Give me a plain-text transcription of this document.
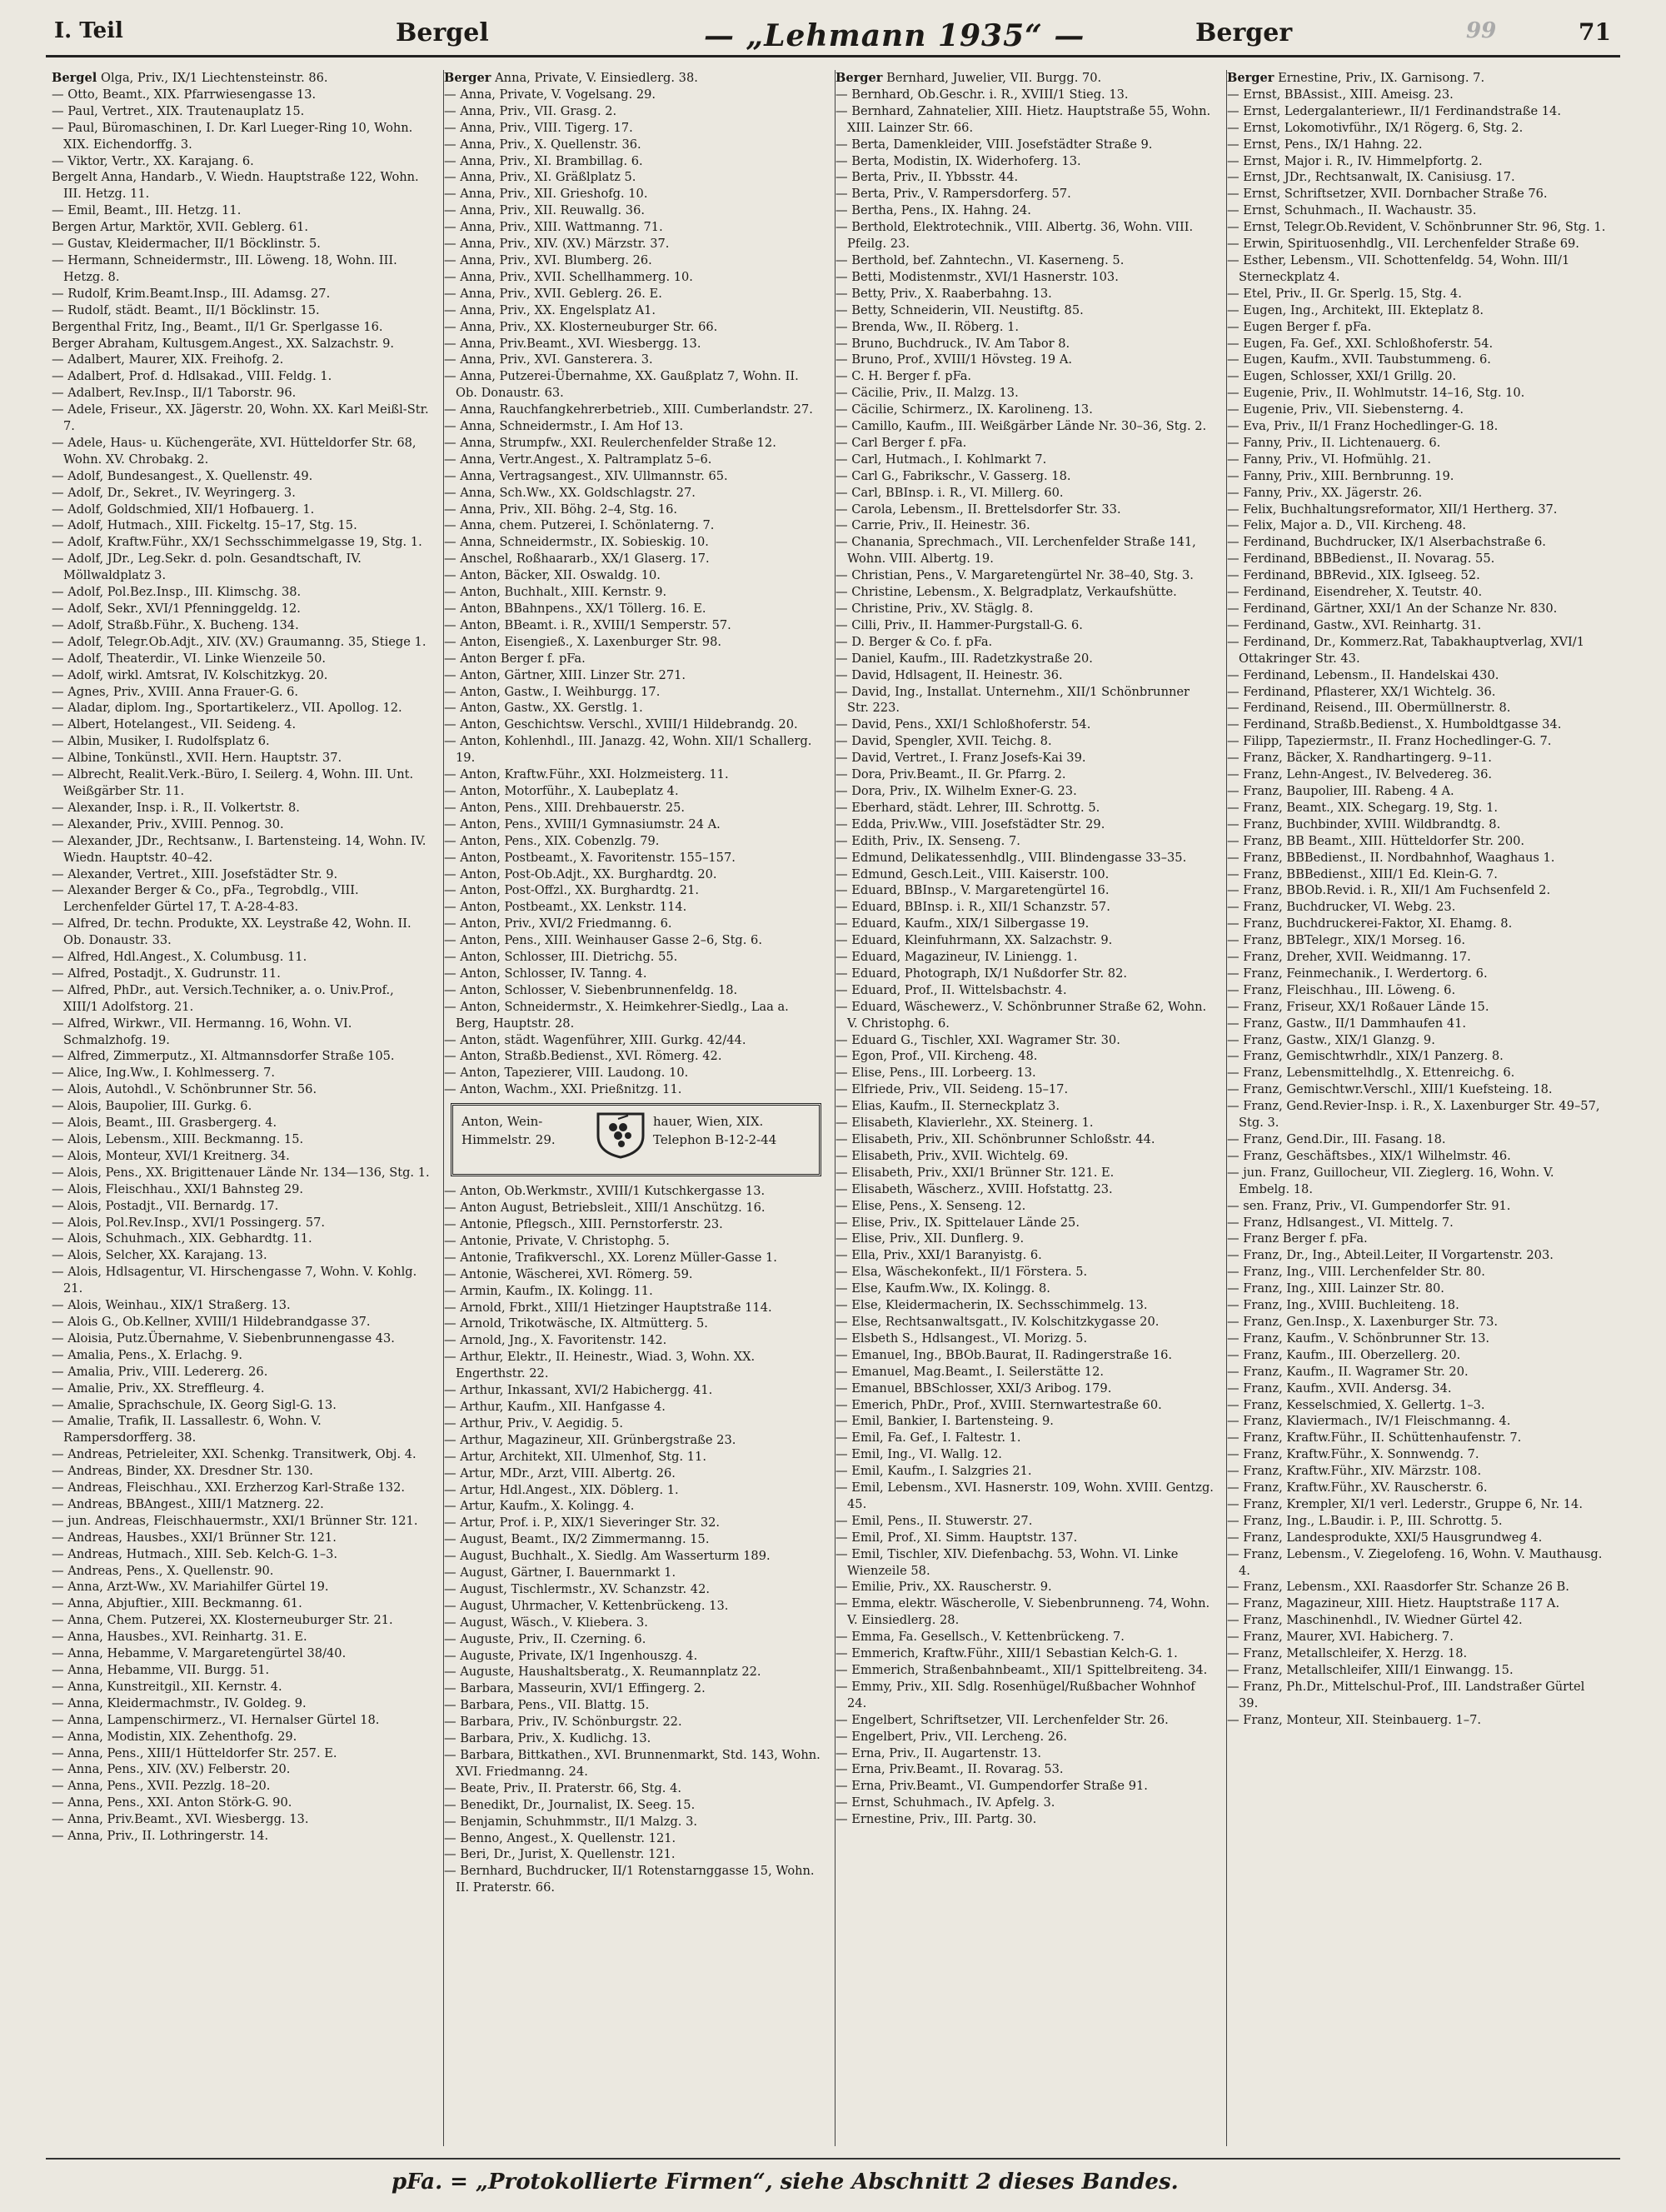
I. Teil	Bergel	— „Lehmann 1935“ —	Berger	99	71

Bergel Olga, Priv., IX/1 Liechtensteinstr. 86.

— Otto, Beamt., XIX. Pfarrwiesengasse 13.

— Paul, Vertret., XIX. Trautenauplatz 15.

— Paul, Büromaschinen, I. Dr. Karl Lueger-Ring 10, Wohn. XIX. Eichendorffg. 3.

— Viktor, Vertr., XX. Karajang. 6.

Bergelt Anna, Handarb., V. Wiedn. Hauptstraße 122, Wohn. III. Hetzg. 11.

— Emil, Beamt., III. Hetzg. 11.

Bergen Artur, Marktör, XVII. Geblerg. 61.

— Gustav, Kleidermacher, II/1 Böcklinstr. 5.

— Hermann, Schneidermstr., III. Löweng. 18, Wohn. III. Hetzg. 8.

— Rudolf, Krim.Beamt.Insp., III. Adamsg. 27.

— Rudolf, städt. Beamt., II/1 Böcklinstr. 15.

Bergenthal Fritz, Ing., Beamt., II/1 Gr. Sperlgasse 16.

Berger Abraham, Kultusgem.Angest., XX. Salzachstr. 9.

— Adalbert, Maurer, XIX. Freihofg. 2.

— Adalbert, Prof. d. Hdlsakad., VIII. Feldg. 1.

— Adalbert, Rev.Insp., II/1 Taborstr. 96.

— Adele, Friseur., XX. Jägerstr. 20, Wohn. XX. Karl Meißl-Str. 7.

— Adele, Haus- u. Küchengeräte, XVI. Hütteldorfer Str. 68, Wohn. XV. Chrobakg. 2.

— Adolf, Bundesangest., X. Quellenstr. 49.

— Adolf, Dr., Sekret., IV. Weyringerg. 3.

— Adolf, Goldschmied, XII/1 Hofbauerg. 1.

— Adolf, Hutmach., XIII. Fickeltg. 15–17, Stg. 15.

— Adolf, Kraftw.Führ., XX/1 Sechsschimmelgasse 19, Stg. 1.

— Adolf, JDr., Leg.Sekr. d. poln. Gesandtschaft, IV. Möllwaldplatz 3.

— Adolf, Pol.Bez.Insp., III. Klimschg. 38.

— Adolf, Sekr., XVI/1 Pfenninggeldg. 12.

— Adolf, Straßb.Führ., X. Bucheng. 134.

— Adolf, Telegr.Ob.Adjt., XIV. (XV.) Graumanng. 35, Stiege 1.

— Adolf, Theaterdir., VI. Linke Wienzeile 50.

— Adolf, wirkl. Amtsrat, IV. Kolschitzkyg. 20.

— Agnes, Priv., XVIII. Anna Frauer-G. 6.

— Aladar, diplom. Ing., Sportartikelerz., VII. Apollog. 12.

— Albert, Hotelangest., VII. Seideng. 4.

— Albin, Musiker, I. Rudolfsplatz 6.

— Albine, Tonkünstl., XVII. Hern. Hauptstr. 37.

— Albrecht, Realit.Verk.-Büro, I. Seilerg. 4, Wohn. III. Unt. Weißgärber Str. 11.

— Alexander, Insp. i. R., II. Volkertstr. 8.

— Alexander, Priv., XVIII. Pennog. 30.

— Alexander, JDr., Rechtsanw., I. Bartensteing. 14, Wohn. IV. Wiedn. Hauptstr. 40–42.

— Alexander, Vertret., XIII. Josefstädter Str. 9.

— Alexander Berger & Co., pFa., Tegrobdlg., VIII. Lerchenfelder Gürtel 17, T. A-28-4-83.

— Alfred, Dr. techn. Produkte, XX. Leystraße 42, Wohn. II. Ob. Donaustr. 33.

— Alfred, Hdl.Angest., X. Columbusg. 11.

— Alfred, Postadjt., X. Gudrunstr. 11.

— Alfred, PhDr., aut. Versich.Techniker, a. o. Univ.Prof., XIII/1 Adolfstorg. 21.

— Alfred, Wirkwr., VII. Hermanng. 16, Wohn. VI. Schmalzhofg. 19.

— Alfred, Zimmerputz., XI. Altmannsdorfer Straße 105.

— Alice, Ing.Ww., I. Kohlmesserg. 7.

— Alois, Autohdl., V. Schönbrunner Str. 56.

— Alois, Baupolier, III. Gurkg. 6.

— Alois, Beamt., III. Grasbergerg. 4.

— Alois, Lebensm., XIII. Beckmanng. 15.

— Alois, Monteur, XVI/1 Kreitnerg. 34.

— Alois, Pens., XX. Brigittenauer Lände Nr. 134—136, Stg. 1.

— Alois, Fleischhau., XXI/1 Bahnsteg 29.

— Alois, Postadjt., VII. Bernardg. 17.

— Alois, Pol.Rev.Insp., XVI/1 Possingerg. 57.

— Alois, Schuhmach., XIX. Gebhardtg. 11.

— Alois, Selcher, XX. Karajang. 13.

— Alois, Hdlsagentur, VI. Hirschengasse 7, Wohn. V. Kohlg. 21.

— Alois, Weinhau., XIX/1 Straßerg. 13.

— Alois G., Ob.Kellner, XVIII/1 Hildebrandgasse 37.

— Aloisia, Putz.Übernahme, V. Siebenbrunnengasse 43.

— Amalia, Pens., X. Erlachg. 9.

— Amalia, Priv., VIII. Ledererg. 26.

— Amalie, Priv., XX. Streffleurg. 4.

— Amalie, Sprachschule, IX. Georg Sigl-G. 13.

— Amalie, Trafik, II. Lassallestr. 6, Wohn. V. Rampersdorfferg. 38.

— Andreas, Petrieleiter, XXI. Schenkg. Transitwerk, Obj. 4.

— Andreas, Binder, XX. Dresdner Str. 130.

— Andreas, Fleischhau., XXI. Erzherzog Karl-Straße 132.

— Andreas, BBAngest., XIII/1 Matznerg. 22.

— jun. Andreas, Fleischhauermstr., XXI/1 Brünner Str. 121.

— Andreas, Hausbes., XXI/1 Brünner Str. 121.

— Andreas, Hutmach., XIII. Seb. Kelch-G. 1–3.

— Andreas, Pens., X. Quellenstr. 90.

— Anna, Arzt-Ww., XV. Mariahilfer Gürtel 19.

— Anna, Abjuftier., XIII. Beckmanng. 61.

— Anna, Chem. Putzerei, XX. Klosterneuburger Str. 21.

— Anna, Hausbes., XVI. Reinhartg. 31. E.

— Anna, Hebamme, V. Margaretengürtel 38/40.

— Anna, Hebamme, VII. Burgg. 51.

— Anna, Kunstreitgil., XII. Kernstr. 4.

— Anna, Kleidermachmstr., IV. Goldeg. 9.

— Anna, Lampenschirmerz., VI. Hernalser Gürtel 18.

— Anna, Modistin, XIX. Zehenthofg. 29.

— Anna, Pens., XIII/1 Hütteldorfer Str. 257. E.

— Anna, Pens., XIV. (XV.) Felberstr. 20.

— Anna, Pens., XVII. Pezzlg. 18–20.

— Anna, Pens., XXI. Anton Störk-G. 90.

— Anna, Priv.Beamt., XVI. Wiesbergg. 13.

— Anna, Priv., II. Lothringerstr. 14.

Berger Anna, Private, V. Einsiedlerg. 38.

— Anna, Private, V. Vogelsang. 29.

— Anna, Priv., VII. Grasg. 2.

— Anna, Priv., VIII. Tigerg. 17.

— Anna, Priv., X. Quellenstr. 36.

— Anna, Priv., XI. Brambillag. 6.

— Anna, Priv., XI. Gräßlplatz 5.

— Anna, Priv., XII. Grieshofg. 10.

— Anna, Priv., XII. Reuwallg. 36.

— Anna, Priv., XIII. Wattmanng. 71.

— Anna, Priv., XIV. (XV.) Märzstr. 37.

— Anna, Priv., XVI. Blumberg. 26.

— Anna, Priv., XVII. Schellhammerg. 10.

— Anna, Priv., XVII. Geblerg. 26. E.

— Anna, Priv., XX. Engelsplatz A1.

— Anna, Priv., XX. Klosterneuburger Str. 66.

— Anna, Priv.Beamt., XVI. Wiesbergg. 13.

— Anna, Priv., XVI. Gansterera. 3.

— Anna, Putzerei-Übernahme, XX. Gaußplatz 7, Wohn. II. Ob. Donaustr. 63.

— Anna, Rauchfangkehrerbetrieb., XIII. Cumberlandstr. 27.

— Anna, Schneidermstr., I. Am Hof 13.

— Anna, Strumpfw., XXI. Reulerchenfelder Straße 12.

— Anna, Vertr.Angest., X. Paltramplatz 5–6.

— Anna, Vertragsangest., XIV. Ullmannstr. 65.

— Anna, Sch.Ww., XX. Goldschlagstr. 27.

— Anna, Priv., XII. Böhg. 2–4, Stg. 16.

— Anna, chem. Putzerei, I. Schönlaterng. 7.

— Anna, Schneidermstr., IX. Sobieskig. 10.

— Anschel, Roßhaararb., XX/1 Glaserg. 17.

— Anton, Bäcker, XII. Oswaldg. 10.

— Anton, Buchhalt., XIII. Kernstr. 9.

— Anton, BBahnpens., XX/1 Töllerg. 16. E.

— Anton, BBeamt. i. R., XVIII/1 Semperstr. 57.

— Anton, Eisengieß., X. Laxenburger Str. 98.

— Anton Berger f. pFa.

— Anton, Gärtner, XIII. Linzer Str. 271.

— Anton, Gastw., I. Weihburgg. 17.

— Anton, Gastw., XX. Gerstlg. 1.

— Anton, Geschichtsw. Verschl., XVIII/1 Hildebrandg. 20.

— Anton, Kohlenhdl., III. Janazg. 42, Wohn. XII/1 Schallerg. 19.

— Anton, Kraftw.Führ., XXI. Holzmeisterg. 11.

— Anton, Motorführ., X. Laubeplatz 4.

— Anton, Pens., XIII. Drehbauerstr. 25.

— Anton, Pens., XVIII/1 Gymnasiumstr. 24 A.

— Anton, Pens., XIX. Cobenzlg. 79.

— Anton, Postbeamt., X. Favoritenstr. 155–157.

— Anton, Post-Ob.Adjt., XX. Burghardtg. 20.

— Anton, Post-Offzl., XX. Burghardtg. 21.

— Anton, Postbeamt., XX. Lenkstr. 114.

— Anton, Priv., XVI/2 Friedmanng. 6.

— Anton, Pens., XIII. Weinhauser Gasse 2–6, Stg. 6.

— Anton, Schlosser, III. Dietrichg. 55.

— Anton, Schlosser, IV. Tanng. 4.

— Anton, Schlosser, V. Siebenbrunnenfeldg. 18.

— Anton, Schneidermstr., X. Heimkehrer-Siedlg., Laa a. Berg, Hauptstr. 28.

— Anton, städt. Wagenführer, XIII. Gurkg. 42/44.

— Anton, Straßb.Bedienst., XVI. Römerg. 42.

— Anton, Tapezierer, VIII. Laudong. 10.

— Anton, Wachm., XXI. Prießnitzg. 11.

Anton, Wein-
Himmelstr. 29.
hauer, Wien, XIX.
Telephon B-12-2-44

— Anton, Ob.Werkmstr., XVIII/1 Kutschkergasse 13.

— Anton August, Betriebsleit., XIII/1 Anschützg. 16.

— Antonie, Pflegsch., XIII. Pernstorferstr. 23.

— Antonie, Private, V. Christophg. 5.

— Antonie, Trafikverschl., XX. Lorenz Müller-Gasse 1.

— Antonie, Wäscherei, XVI. Römerg. 59.

— Armin, Kaufm., IX. Kolingg. 11.

— Arnold, Fbrkt., XIII/1 Hietzinger Hauptstraße 114.

— Arnold, Trikotwäsche, IX. Altmütterg. 5.

— Arnold, Jng., X. Favoritenstr. 142.

— Arthur, Elektr., II. Heinestr., Wiad. 3, Wohn. XX. Engerthstr. 22.

— Arthur, Inkassant, XVI/2 Habichergg. 41.

— Arthur, Kaufm., XII. Hanfgasse 4.

— Arthur, Priv., V. Aegidig. 5.

— Arthur, Magazineur, XII. Grünbergstraße 23.

— Artur, Architekt, XII. Ulmenhof, Stg. 11.

— Artur, MDr., Arzt, VIII. Albertg. 26.

— Artur, Hdl.Angest., XIX. Döblerg. 1.

— Artur, Kaufm., X. Kolingg. 4.

— Artur, Prof. i. P., XIX/1 Sieveringer Str. 32.

— August, Beamt., IX/2 Zimmermanng. 15.

— August, Buchhalt., X. Siedlg. Am Wasserturm 189.

— August, Gärtner, I. Bauernmarkt 1.

— August, Tischlermstr., XV. Schanzstr. 42.

— August, Uhrmacher, V. Kettenbrückeng. 13.

— August, Wäsch., V. Kliebera. 3.

— Auguste, Priv., II. Czerning. 6.

— Auguste, Private, IX/1 Ingenhouszg. 4.

— Auguste, Haushaltsberatg., X. Reumannplatz 22.

— Barbara, Masseurin, XVI/1 Effingerg. 2.

— Barbara, Pens., VII. Blattg. 15.

— Barbara, Priv., IV. Schönburgstr. 22.

— Barbara, Priv., X. Kudlichg. 13.

— Barbara, Bittkathen., XVI. Brunnenmarkt, Std. 143, Wohn. XVI. Friedmanng. 24.

— Beate, Priv., II. Praterstr. 66, Stg. 4.

— Benedikt, Dr., Journalist, IX. Seeg. 15.

— Benjamin, Schuhmmstr., II/1 Malzg. 3.

— Benno, Angest., X. Quellenstr. 121.

— Beri, Dr., Jurist, X. Quellenstr. 121.

— Bernhard, Buchdrucker, II/1 Rotenstarnggasse 15, Wohn. II. Praterstr. 66.

Berger Bernhard, Juwelier, VII. Burgg. 70.

— Bernhard, Ob.Geschr. i. R., XVIII/1 Stieg. 13.

— Bernhard, Zahnatelier, XIII. Hietz. Hauptstraße 55, Wohn. XIII. Lainzer Str. 66.

— Berta, Damenkleider, VIII. Josefstädter Straße 9.

— Berta, Modistin, IX. Widerhoferg. 13.

— Berta, Priv., II. Ybbsstr. 44.

— Berta, Priv., V. Rampersdorferg. 57.

— Bertha, Pens., IX. Hahng. 24.

— Berthold, Elektrotechnik., VIII. Albertg. 36, Wohn. VIII. Pfeilg. 23.

— Berthold, bef. Zahntechn., VI. Kaserneng. 5.

— Betti, Modistenmstr., XVI/1 Hasnerstr. 103.

— Betty, Priv., X. Raaberbahng. 13.

— Betty, Schneiderin, VII. Neustiftg. 85.

— Brenda, Ww., II. Röberg. 1.

— Bruno, Buchdruck., IV. Am Tabor 8.

— Bruno, Prof., XVIII/1 Hövsteg. 19 A.

— C. H. Berger f. pFa.

— Cäcilie, Priv., II. Malzg. 13.

— Cäcilie, Schirmerz., IX. Karolineng. 13.

— Camillo, Kaufm., III. Weißgärber Lände Nr. 30–36, Stg. 2.

— Carl Berger f. pFa.

— Carl, Hutmach., I. Kohlmarkt 7.

— Carl G., Fabrikschr., V. Gasserg. 18.

— Carl, BBInsp. i. R., VI. Millerg. 60.

— Carola, Lebensm., II. Brettelsdorfer Str. 33.

— Carrie, Priv., II. Heinestr. 36.

— Chanania, Sprechmach., VII. Lerchenfelder Straße 141, Wohn. VIII. Albertg. 19.

— Christian, Pens., V. Margaretengürtel Nr. 38–40, Stg. 3.

— Christine, Lebensm., X. Belgradplatz, Verkaufshütte.

— Christine, Priv., XV. Stäglg. 8.

— Cilli, Priv., II. Hammer-Purgstall-G. 6.

— D. Berger & Co. f. pFa.

— Daniel, Kaufm., III. Radetzkystraße 20.

— David, Hdlsagent, II. Heinestr. 36.

— David, Ing., Installat. Unternehm., XII/1 Schönbrunner Str. 223.

— David, Pens., XXI/1 Schloßhoferstr. 54.

— David, Spengler, XVII. Teichg. 8.

— David, Vertret., I. Franz Josefs-Kai 39.

— Dora, Priv.Beamt., II. Gr. Pfarrg. 2.

— Dora, Priv., IX. Wilhelm Exner-G. 23.

— Eberhard, städt. Lehrer, III. Schrottg. 5.

— Edda, Priv.Ww., VIII. Josefstädter Str. 29.

— Edith, Priv., IX. Senseng. 7.

— Edmund, Delikatessenhdlg., VIII. Blindengasse 33–35.

— Edmund, Gesch.Leit., VIII. Kaiserstr. 100.

— Eduard, BBInsp., V. Margaretengürtel 16.

— Eduard, BBInsp. i. R., XII/1 Schanzstr. 57.

— Eduard, Kaufm., XIX/1 Silbergasse 19.

— Eduard, Kleinfuhrmann, XX. Salzachstr. 9.

— Eduard, Magazineur, IV. Liniengg. 1.

— Eduard, Photograph, IX/1 Nußdorfer Str. 82.

— Eduard, Prof., II. Wittelsbachstr. 4.

— Eduard, Wäschewerz., V. Schönbrunner Straße 62, Wohn. V. Christophg. 6.

— Eduard G., Tischler, XXI. Wagramer Str. 30.

— Egon, Prof., VII. Kircheng. 48.

— Elise, Pens., III. Lorbeerg. 13.

— Elfriede, Priv., VII. Seideng. 15–17.

— Elias, Kaufm., II. Sterneckplatz 3.

— Elisabeth, Klavierlehr., XX. Steinerg. 1.

— Elisabeth, Priv., XII. Schönbrunner Schloßstr. 44.

— Elisabeth, Priv., XVII. Wichtelg. 69.

— Elisabeth, Priv., XXI/1 Brünner Str. 121. E.

— Elisabeth, Wäscherz., XVIII. Hofstattg. 23.

— Elise, Pens., X. Senseng. 12.

— Elise, Priv., IX. Spittelauer Lände 25.

— Elise, Priv., XII. Dunflerg. 9.

— Ella, Priv., XXI/1 Baranyistg. 6.

— Elsa, Wäschekonfekt., II/1 Förstera. 5.

— Else, Kaufm.Ww., IX. Kolingg. 8.

— Else, Kleidermacherin, IX. Sechsschimmelg. 13.

— Else, Rechtsanwaltsgatt., IV. Kolschitzkygasse 20.

— Elsbeth S., Hdlsangest., VI. Morizg. 5.

— Emanuel, Ing., BBOb.Baurat, II. Radingerstraße 16.

— Emanuel, Mag.Beamt., I. Seilerstätte 12.

— Emanuel, BBSchlosser, XXI/3 Aribog. 179.

— Emerich, PhDr., Prof., XVIII. Sternwartestraße 60.

— Emil, Bankier, I. Bartensteing. 9.

— Emil, Fa. Gef., I. Faltestr. 1.

— Emil, Ing., VI. Wallg. 12.

— Emil, Kaufm., I. Salzgries 21.

— Emil, Lebensm., XVI. Hasnerstr. 109, Wohn. XVIII. Gentzg. 45.

— Emil, Pens., II. Stuwerstr. 27.

— Emil, Prof., XI. Simm. Hauptstr. 137.

— Emil, Tischler, XIV. Diefenbachg. 53, Wohn. VI. Linke Wienzeile 58.

— Emilie, Priv., XX. Rauscherstr. 9.

— Emma, elektr. Wäscherolle, V. Siebenbrunneng. 74, Wohn. V. Einsiedlerg. 28.

— Emma, Fa. Gesellsch., V. Kettenbrückeng. 7.

— Emmerich, Kraftw.Führ., XIII/1 Sebastian Kelch-G. 1.

— Emmerich, Straßenbahnbeamt., XII/1 Spittelbreiteng. 34.

— Emmy, Priv., XII. Sdlg. Rosenhügel/Rußbacher Wohnhof 24.

— Engelbert, Schriftsetzer, VII. Lerchenfelder Str. 26.

— Engelbert, Priv., VII. Lercheng. 26.

— Erna, Priv., II. Augartenstr. 13.

— Erna, Priv.Beamt., II. Rovarag. 53.

— Erna, Priv.Beamt., VI. Gumpendorfer Straße 91.

— Ernst, Schuhmach., IV. Apfelg. 3.

— Ernestine, Priv., III. Partg. 30.

Berger Ernestine, Priv., IX. Garnisong. 7.

— Ernst, BBAssist., XIII. Ameisg. 23.

— Ernst, Ledergalanteriewr., II/1 Ferdinandstraße 14.

— Ernst, Lokomotivführ., IX/1 Rögerg. 6, Stg. 2.

— Ernst, Pens., IX/1 Hahng. 22.

— Ernst, Major i. R., IV. Himmelpfortg. 2.

— Ernst, JDr., Rechtsanwalt, IX. Canisiusg. 17.

— Ernst, Schriftsetzer, XVII. Dornbacher Straße 76.

— Ernst, Schuhmach., II. Wachaustr. 35.

— Ernst, Telegr.Ob.Revident, V. Schönbrunner Str. 96, Stg. 1.

— Erwin, Spirituosenhdlg., VII. Lerchenfelder Straße 69.

— Esther, Lebensm., VII. Schottenfeldg. 54, Wohn. III/1 Sterneckplatz 4.

— Etel, Priv., II. Gr. Sperlg. 15, Stg. 4.

— Eugen, Ing., Architekt, III. Ekteplatz 8.

— Eugen Berger f. pFa.

— Eugen, Fa. Gef., XXI. Schloßhoferstr. 54.

— Eugen, Kaufm., XVII. Taubstummeng. 6.

— Eugen, Schlosser, XXI/1 Grillg. 20.

— Eugenie, Priv., II. Wohlmutstr. 14–16, Stg. 10.

— Eugenie, Priv., VII. Siebensterng. 4.

— Eva, Priv., II/1 Franz Hochedlinger-G. 18.

— Fanny, Priv., II. Lichtenauerg. 6.

— Fanny, Priv., VI. Hofmühlg. 21.

— Fanny, Priv., XIII. Bernbrunng. 19.

— Fanny, Priv., XX. Jägerstr. 26.

— Felix, Buchhaltungsreformator, XII/1 Hertherg. 37.

— Felix, Major a. D., VII. Kircheng. 48.

— Ferdinand, Buchdrucker, IX/1 Alserbachstraße 6.

— Ferdinand, BBBedienst., II. Novarag. 55.

— Ferdinand, BBRevid., XIX. Iglseeg. 52.

— Ferdinand, Eisendreher, X. Teutstr. 40.

— Ferdinand, Gärtner, XXI/1 An der Schanze Nr. 830.

— Ferdinand, Gastw., XVI. Reinhartg. 31.

— Ferdinand, Dr., Kommerz.Rat, Tabakhauptverlag, XVI/1 Ottakringer Str. 43.

— Ferdinand, Lebensm., II. Handelskai 430.

— Ferdinand, Pflasterer, XX/1 Wichtelg. 36.

— Ferdinand, Reisend., III. Obermüllnerstr. 8.

— Ferdinand, Straßb.Bedienst., X. Humboldtgasse 34.

— Filipp, Tapeziermstr., II. Franz Hochedlinger-G. 7.

— Franz, Bäcker, X. Randhartingerg. 9–11.

— Franz, Lehn-Angest., IV. Belvedereg. 36.

— Franz, Baupolier, III. Rabeng. 4 A.

— Franz, Beamt., XIX. Schegarg. 19, Stg. 1.

— Franz, Buchbinder, XVIII. Wildbrandtg. 8.

— Franz, BB Beamt., XIII. Hütteldorfer Str. 200.

— Franz, BBBedienst., II. Nordbahnhof, Waaghaus 1.

— Franz, BBBedienst., XIII/1 Ed. Klein-G. 7.

— Franz, BBOb.Revid. i. R., XII/1 Am Fuchsenfeld 2.

— Franz, Buchdrucker, VI. Webg. 23.

— Franz, Buchdruckerei-Faktor, XI. Ehamg. 8.

— Franz, BBTelegr., XIX/1 Morseg. 16.

— Franz, Dreher, XVII. Weidmanng. 17.

— Franz, Feinmechanik., I. Werdertorg. 6.

— Franz, Fleischhau., III. Löweng. 6.

— Franz, Friseur, XX/1 Roßauer Lände 15.

— Franz, Gastw., II/1 Dammhaufen 41.

— Franz, Gastw., XIX/1 Glanzg. 9.

— Franz, Gemischtwrhdlr., XIX/1 Panzerg. 8.

— Franz, Lebensmittelhdlg., X. Ettenreichg. 6.

— Franz, Gemischtwr.Verschl., XIII/1 Kuefsteing. 18.

— Franz, Gend.Revier-Insp. i. R., X. Laxenburger Str. 49–57, Stg. 3.

— Franz, Gend.Dir., III. Fasang. 18.

— Franz, Geschäftsbes., XIX/1 Wilhelmstr. 46.

— jun. Franz, Guillocheur, VII. Zieglerg. 16, Wohn. V. Embelg. 18.

— sen. Franz, Priv., VI. Gumpendorfer Str. 91.

— Franz, Hdlsangest., VI. Mittelg. 7.

— Franz Berger f. pFa.

— Franz, Dr., Ing., Abteil.Leiter, II Vorgartenstr. 203.

— Franz, Ing., VIII. Lerchenfelder Str. 80.

— Franz, Ing., XIII. Lainzer Str. 80.

— Franz, Ing., XVIII. Buchleiteng. 18.

— Franz, Gen.Insp., X. Laxenburger Str. 73.

— Franz, Kaufm., V. Schönbrunner Str. 13.

— Franz, Kaufm., III. Oberzellerg. 20.

— Franz, Kaufm., II. Wagramer Str. 20.

— Franz, Kaufm., XVII. Andersg. 34.

— Franz, Kesselschmied, X. Gellertg. 1–3.

— Franz, Klaviermach., IV/1 Fleischmanng. 4.

— Franz, Kraftw.Führ., II. Schüttenhaufenstr. 7.

— Franz, Kraftw.Führ., X. Sonnwendg. 7.

— Franz, Kraftw.Führ., XIV. Märzstr. 108.

— Franz, Kraftw.Führ., XV. Rauscherstr. 6.

— Franz, Krempler, XI/1 verl. Lederstr., Gruppe 6, Nr. 14.

— Franz, Ing., L.Baudir. i. P., III. Schrottg. 5.

— Franz, Landesprodukte, XXI/5 Hausgrundweg 4.

— Franz, Lebensm., V. Ziegelofeng. 16, Wohn. V. Mauthausg. 4.

— Franz, Lebensm., XXI. Raasdorfer Str. Schanze 26 B.

— Franz, Magazineur, XIII. Hietz. Hauptstraße 117 A.

— Franz, Maschinenhdl., IV. Wiedner Gürtel 42.

— Franz, Maurer, XVI. Habicherg. 7.

— Franz, Metallschleifer, X. Herzg. 18.

— Franz, Metallschleifer, XIII/1 Einwangg. 15.

— Franz, Ph.Dr., Mittelschul-Prof., III. Landstraßer Gürtel 39.

— Franz, Monteur, XII. Steinbauerg. 1–7.

pFa. = „Protokollierte Firmen“, siehe Abschnitt 2 dieses Bandes.
